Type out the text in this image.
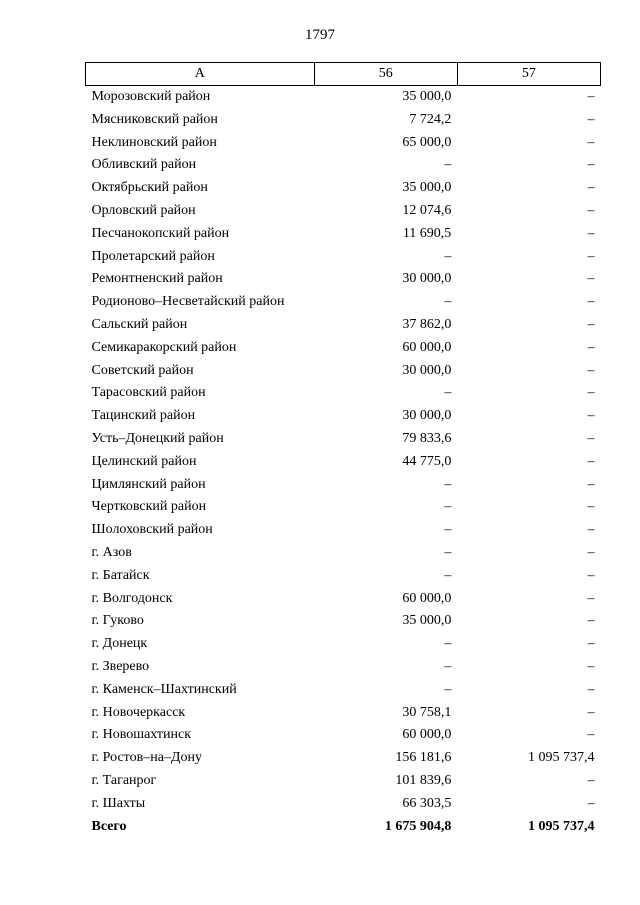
1797
А	56	57
Морозовский район	35 000,0	–
Мясниковский район	7 724,2	–
Неклиновский район	65 000,0	–
Обливский район	–	–
Октябрьский район	35 000,0	–
Орловский район	12 074,6	–
Песчанокопский район	11 690,5	–
Пролетарский район	–	–
Ремонтненский район	30 000,0	–
Родионово–Несветайский район	–	–
Сальский район	37 862,0	–
Семикаракорский район	60 000,0	–
Советский район	30 000,0	–
Тарасовский район	–	–
Тацинский район	30 000,0	–
Усть–Донецкий район	79 833,6	–
Целинский район	44 775,0	–
Цимлянский район	–	–
Чертковский район	–	–
Шолоховский район	–	–
г. Азов	–	–
г. Батайск	–	–
г. Волгодонск	60 000,0	–
г. Гуково	35 000,0	–
г. Донецк	–	–
г. Зверево	–	–
г. Каменск–Шахтинский	–	–
г. Новочеркасск	30 758,1	–
г. Новошахтинск	60 000,0	–
г. Ростов–на–Дону	156 181,6	1 095 737,4
г. Таганрог	101 839,6	–
г. Шахты	66 303,5	–
Всего	1 675 904,8	1 095 737,4
